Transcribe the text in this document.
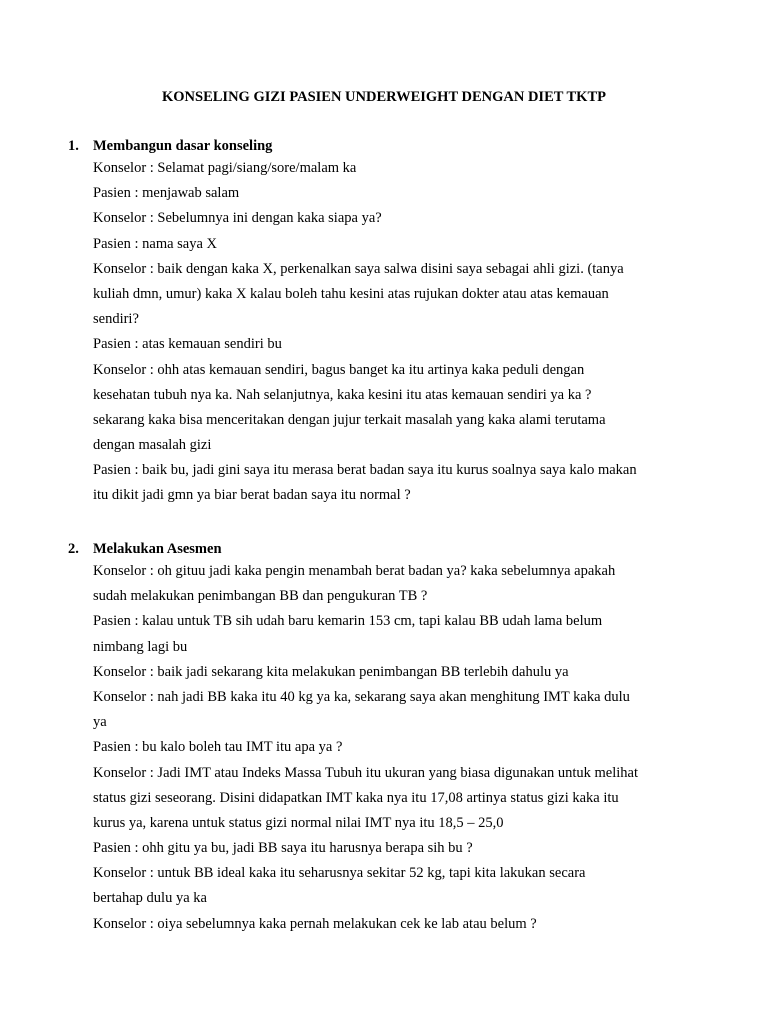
KONSELING GIZI PASIEN UNDERWEIGHT DENGAN DIET TKTP
1. Membangun dasar konseling

Konselor : Selamat pagi/siang/sore/malam ka

Pasien : menjawab salam

Konselor : Sebelumnya ini dengan kaka siapa ya?

Pasien : nama saya X

Konselor : baik dengan kaka X, perkenalkan saya salwa disini saya sebagai ahli gizi. (tanya

kuliah dmn, umur) kaka X kalau boleh tahu kesini atas rujukan dokter atau atas kemauan

sendiri?

Pasien : atas kemauan sendiri bu

Konselor : ohh atas kemauan sendiri, bagus banget ka itu artinya kaka peduli dengan

kesehatan tubuh nya ka. Nah selanjutnya, kaka kesini itu atas kemauan sendiri ya ka ?

sekarang kaka bisa menceritakan dengan jujur terkait masalah yang kaka alami terutama

dengan masalah gizi

Pasien : baik bu, jadi gini saya itu merasa berat badan saya itu kurus soalnya saya kalo makan

itu dikit jadi gmn ya biar berat badan saya itu normal ?

2. Melakukan Asesmen

Konselor : oh gituu jadi kaka pengin menambah berat badan ya? kaka sebelumnya apakah

sudah melakukan penimbangan BB dan pengukuran TB ?

Pasien : kalau untuk TB sih udah baru kemarin 153 cm, tapi kalau BB udah lama belum

nimbang lagi bu

Konselor : baik jadi sekarang kita melakukan penimbangan BB terlebih dahulu ya

Konselor : nah jadi BB kaka itu 40 kg ya ka, sekarang saya akan menghitung IMT kaka dulu

ya

Pasien : bu kalo boleh tau IMT itu apa ya ?

Konselor : Jadi IMT atau Indeks Massa Tubuh itu ukuran yang biasa digunakan untuk melihat

status gizi seseorang. Disini didapatkan IMT kaka nya itu 17,08 artinya status gizi kaka itu

kurus ya, karena untuk status gizi normal nilai IMT nya itu 18,5 – 25,0

Pasien : ohh gitu ya bu, jadi BB saya itu harusnya berapa sih bu ?

Konselor : untuk BB ideal kaka itu seharusnya sekitar 52 kg, tapi kita lakukan secara

bertahap dulu ya ka

Konselor : oiya sebelumnya kaka pernah melakukan cek ke lab atau belum ?
